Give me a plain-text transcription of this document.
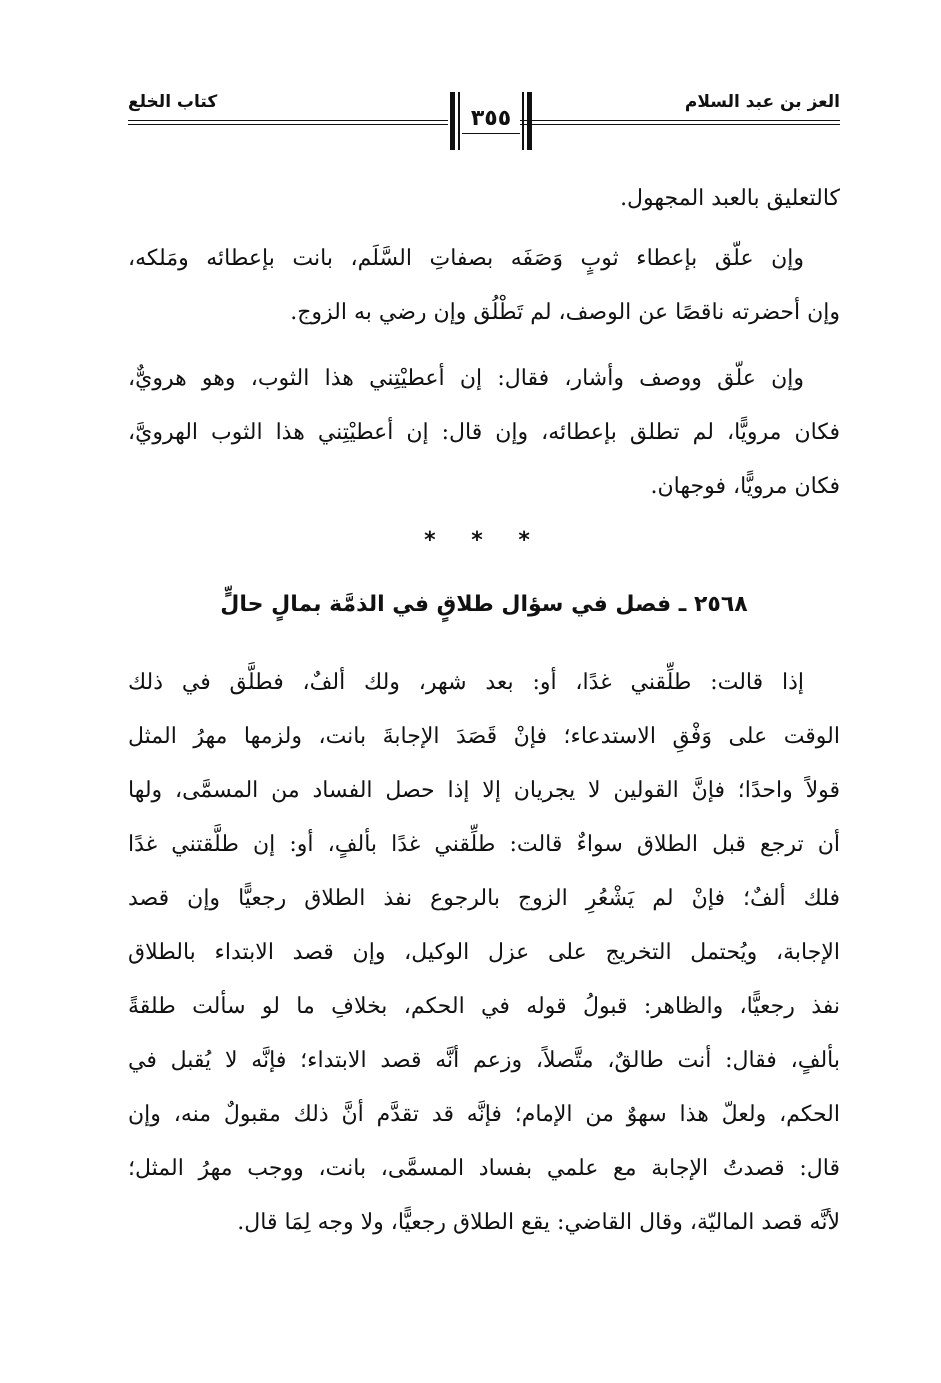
العز بن عبد السلام
٣٥٥
كتاب الخلع
كالتعليق بالعبد المجهول.
وإن علّق بإعطاء ثوبٍ وَصَفَه بصفاتِ السَّلَم، بانت بإعطائه ومَلكه،
وإن أحضرته ناقصًا عن الوصف، لم تَطْلُق وإن رضي به الزوج.
وإن علّق ووصف وأشار، فقال: إن أعطيْتِني هذا الثوب، وهو هرويٌّ،
فكان مرويًّا، لم تطلق بإعطائه، وإن قال: إن أعطيْتِني هذا الثوب الهرويَّ،
فكان مرويًّا، فوجهان.
* * *
٢٥٦٨ ـ فصل في سؤال طلاقٍ في الذمَّة بمالٍ حالٍّ
إذا قالت: طلِّقني غدًا، أو: بعد شهر، ولك ألفٌ، فطلَّق في ذلك
الوقت على وَفْقِ الاستدعاء؛ فإنْ قَصَدَ الإجابةَ بانت، ولزمها مهرُ المثل
قولاً واحدًا؛ فإنَّ القولين لا يجريان إلا إذا حصل الفساد من المسمَّى، ولها
أن ترجع قبل الطلاق سواءٌ قالت: طلِّقني غدًا بألفٍ، أو: إن طلَّقتني غدًا
فلك ألفٌ؛ فإنْ لم يَشْعُرِ الزوج بالرجوع نفذ الطلاق رجعيًّا وإن قصد
الإجابة، ويُحتمل التخريج على عزل الوكيل، وإن قصد الابتداء بالطلاق
نفذ رجعيًّا، والظاهر: قبولُ قوله في الحكم، بخلافِ ما لو سألت طلقةً
بألفٍ، فقال: أنت طالقٌ، متَّصلاً، وزعم أنَّه قصد الابتداء؛ فإنَّه لا يُقبل في
الحكم، ولعلّ هذا سهوٌ من الإمام؛ فإنَّه قد تقدَّم أنَّ ذلك مقبولٌ منه، وإن
قال: قصدتُ الإجابة مع علمي بفساد المسمَّى، بانت، ووجب مهرُ المثل؛
لأنَّه قصد الماليّة، وقال القاضي: يقع الطلاق رجعيًّا، ولا وجه لِمَا قال.
